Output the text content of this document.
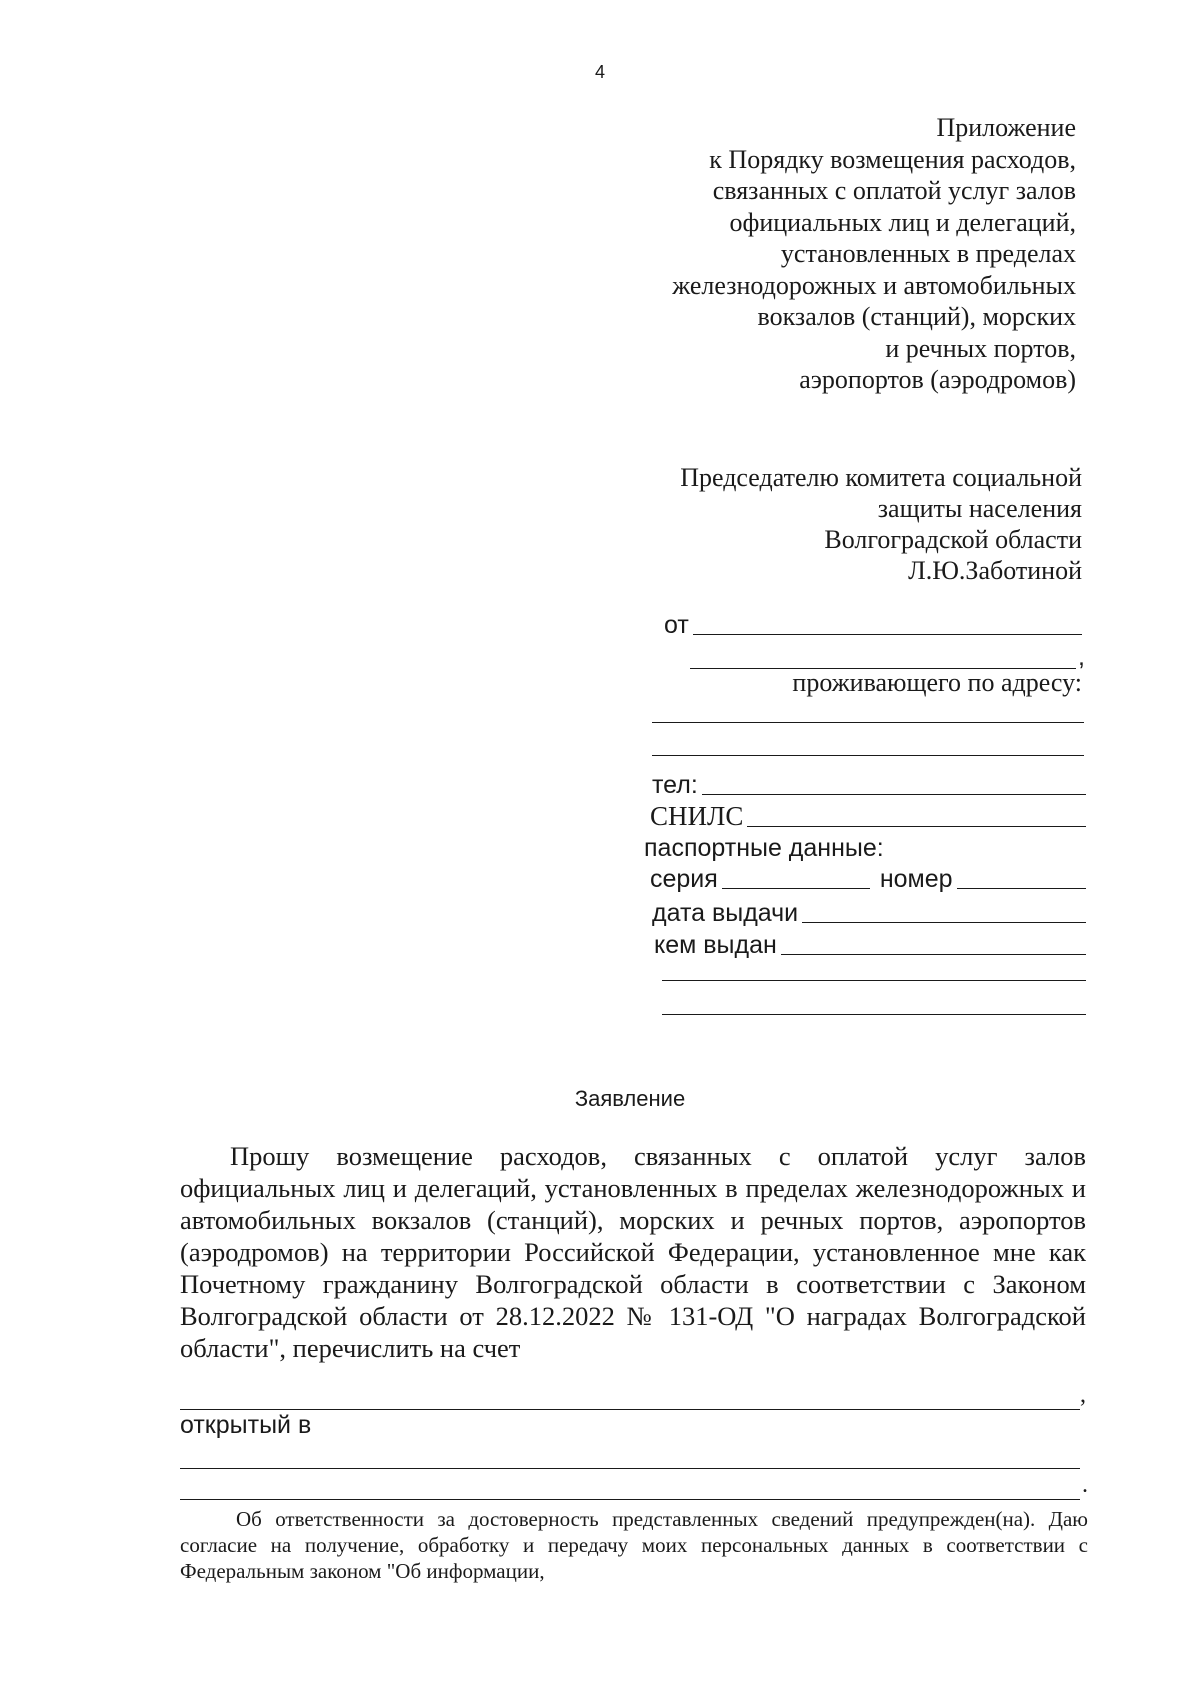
4
Приложение
к Порядку возмещения расходов,
связанных с оплатой услуг залов
официальных лиц и делегаций,
установленных в пределах
железнодорожных и автомобильных
вокзалов (станций), морских
и речных портов,
аэропортов (аэродромов)
Председателю комитета социальной
защиты населения
Волгоградской области
Л.Ю.Заботиной
от
,
проживающего по адресу:
тел:
СНИЛС
паспортные данные:
серия	номер
дата выдачи
кем выдан
Заявление
Прошу возмещение расходов, связанных с оплатой услуг залов официальных лиц и делегаций, установленных в пределах железнодорожных и автомобильных вокзалов (станций), морских и речных портов, аэропортов (аэродромов) на территории Российской Федерации, установленное мне как Почетному гражданину Волгоградской области в соответствии с Законом Волгоградской области от 28.12.2022 № 131-ОД "О наградах Волгоградской области", перечислить на счет
,
открытый в
.
Об ответственности за достоверность представленных сведений предупрежден(на). Даю согласие на получение, обработку и передачу моих персональных данных в соответствии с Федеральным законом "Об информации,
